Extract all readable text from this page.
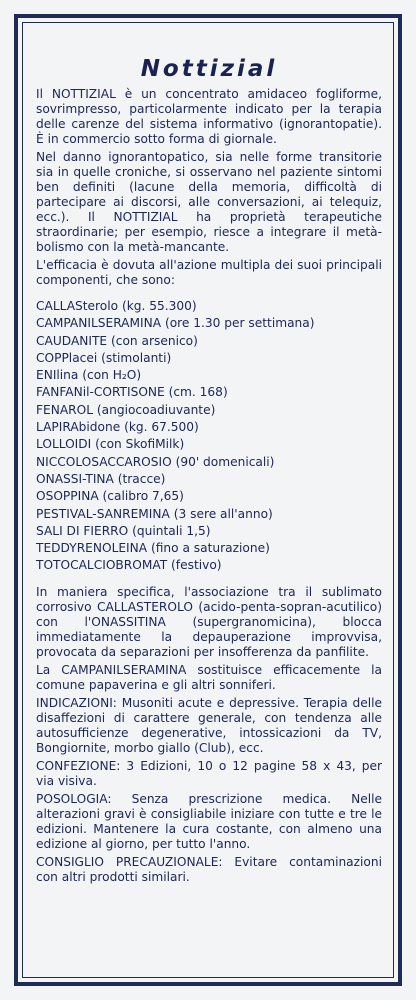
Nottizial

Il NOTTIZIAL è un concentrato amidaceo fogliforme, sovrimpresso, particolarmente indicato per la terapia delle carenze del sistema informativo (ignorantopatie). È in commercio sotto forma di giornale.

Nel danno ignorantopatico, sia nelle forme transitorie sia in quelle croniche, si osservano nel paziente sintomi ben definiti (lacune della memoria, difficoltà di partecipare ai discorsi, alle conversazioni, ai telequiz, ecc.). Il NOTTIZIAL ha proprietà terapeutiche straordinarie; per esempio, riesce a integrare il metà-bolismo con la metà-mancante.

L'efficacia è dovuta all'azione multipla dei suoi principali componenti, che sono:

CALLASterolo (kg. 55.300)
CAMPANILSERAMINA (ore 1.30 per settimana)
CAUDANITE (con arsenico)
COPPlacei (stimolanti)
ENIlina (con H₂O)
FANFANil-CORTISONE (cm. 168)
FENAROL (angiocoadiuvante)
LAPIRAbidone (kg. 67.500)
LOLLOIDI (con SkofiMilk)
NICCOLOSACCAROSIO (90' domenicali)
ONASSI-TINA (tracce)
OSOPPINA (calibro 7,65)
PESTIVAL-SANREMINA (3 sere all'anno)
SALI DI FIERRO (quintali 1,5)
TEDDYRENOLEINA (fino a saturazione)
TOTOCALCIOBROMAT (festivo)

In maniera specifica, l'associazione tra il sublimato corrosivo CALLASTEROLO (acido-penta-sopran-acutilico) con l'ONASSITINA (supergranomicina), blocca immediatamente la depauperazione improvvisa, provocata da separazioni per insofferenza da panfilite.

La CAMPANILSERAMINA sostituisce efficacemente la comune papaverina e gli altri sonniferi.

INDICAZIONI: Musoniti acute e depressive. Terapia delle disaffezioni di carattere generale, con tendenza alle autosufficienze degenerative, intossicazioni da TV, Bongiornite, morbo giallo (Club), ecc.

CONFEZIONE: 3 Edizioni, 10 o 12 pagine 58 x 43, per via visiva.

POSOLOGIA: Senza prescrizione medica. Nelle alterazioni gravi è consigliabile iniziare con tutte e tre le edizioni. Mantenere la cura costante, con almeno una edizione al giorno, per tutto l'anno.

CONSIGLIO PRECAUZIONALE: Evitare contaminazioni con altri prodotti similari.
